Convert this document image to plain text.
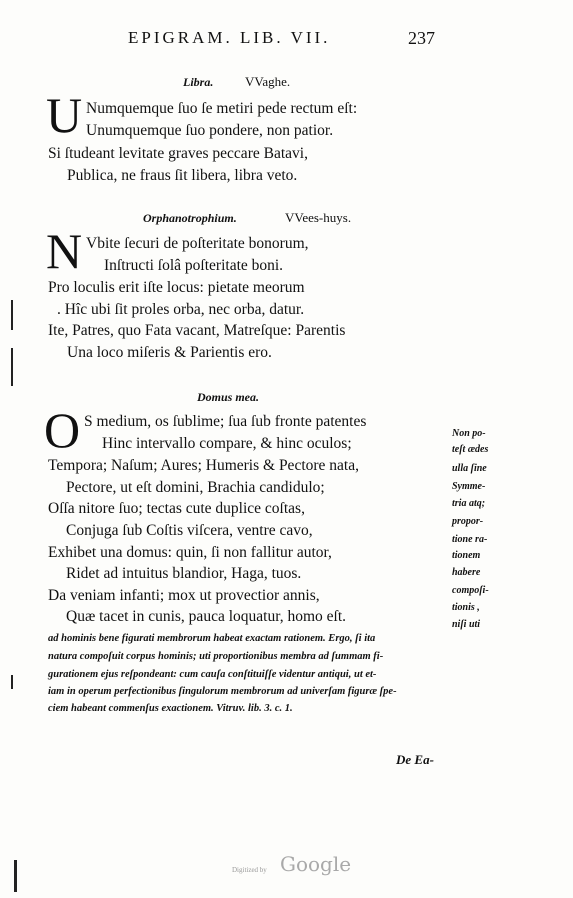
EPIGRAM. LIB. VII.	237
Libra. VVaghe.
U Numquemque ſuo ſe metiri pede rectum eſt:
Unumquemque ſuo pondere, non patior.
Si ſtudeant levitate graves peccare Batavi,
Publica, ne fraus ſit libera, libra veto.
Orphanotrophium.	VVees-huys.
N Vbite ſecuri de poſteritate bonorum,
Inſtructi ſolâ poſteritate boni.
Pro loculis erit iſte locus: pietate meorum
. Hîc ubi ſit proles orba, nec orba, datur.
Ite, Patres, quo Fata vacant, Matreſque: Parentis
Una loco miſeris & Parientis ero.
Domus mea.
O S medium, os ſublime; ſua ſub fronte patentes
Hinc intervallo compare, & hinc oculos;
Tempora; Naſum; Aures; Humeris & Pectore nata,
Pectore, ut eſt domini, Brachia candidulo;
Oſſa nitore ſuo; tectas cute duplice coſtas,
Conjuga ſub Coſtis viſcera, ventre cavo,
Exhibet una domus: quin, ſi non fallitur autor,
Ridet ad intuitus blandior, Haga, tuos.
Da veniam infanti; mox ut provectior annis,
Quæ tacet in cunis, pauca loquatur, homo eſt.
Non po-
teſt ædes
ulla ſine
Symme-
tria atq;
propor-
tione ra-
tionem
habere
compoſi-
tionis ,
niſi uti
ad hominis bene figurati membrorum habeat exactam rationem. Ergo, ſi ita
natura compoſuit corpus hominis; uti proportionibus membra ad ſummam fi-
gurationem ejus reſpondeant: cum cauſa conſtituiſſe videntur antiqui, ut et-
iam in operum perfectionibus ſingulorum membrorum ad univerſam figuræ ſpe-
ciem habeant commenſus exactionem. Vitruv. lib. 3. c. 1.
De Ea-
Digitized by Google
